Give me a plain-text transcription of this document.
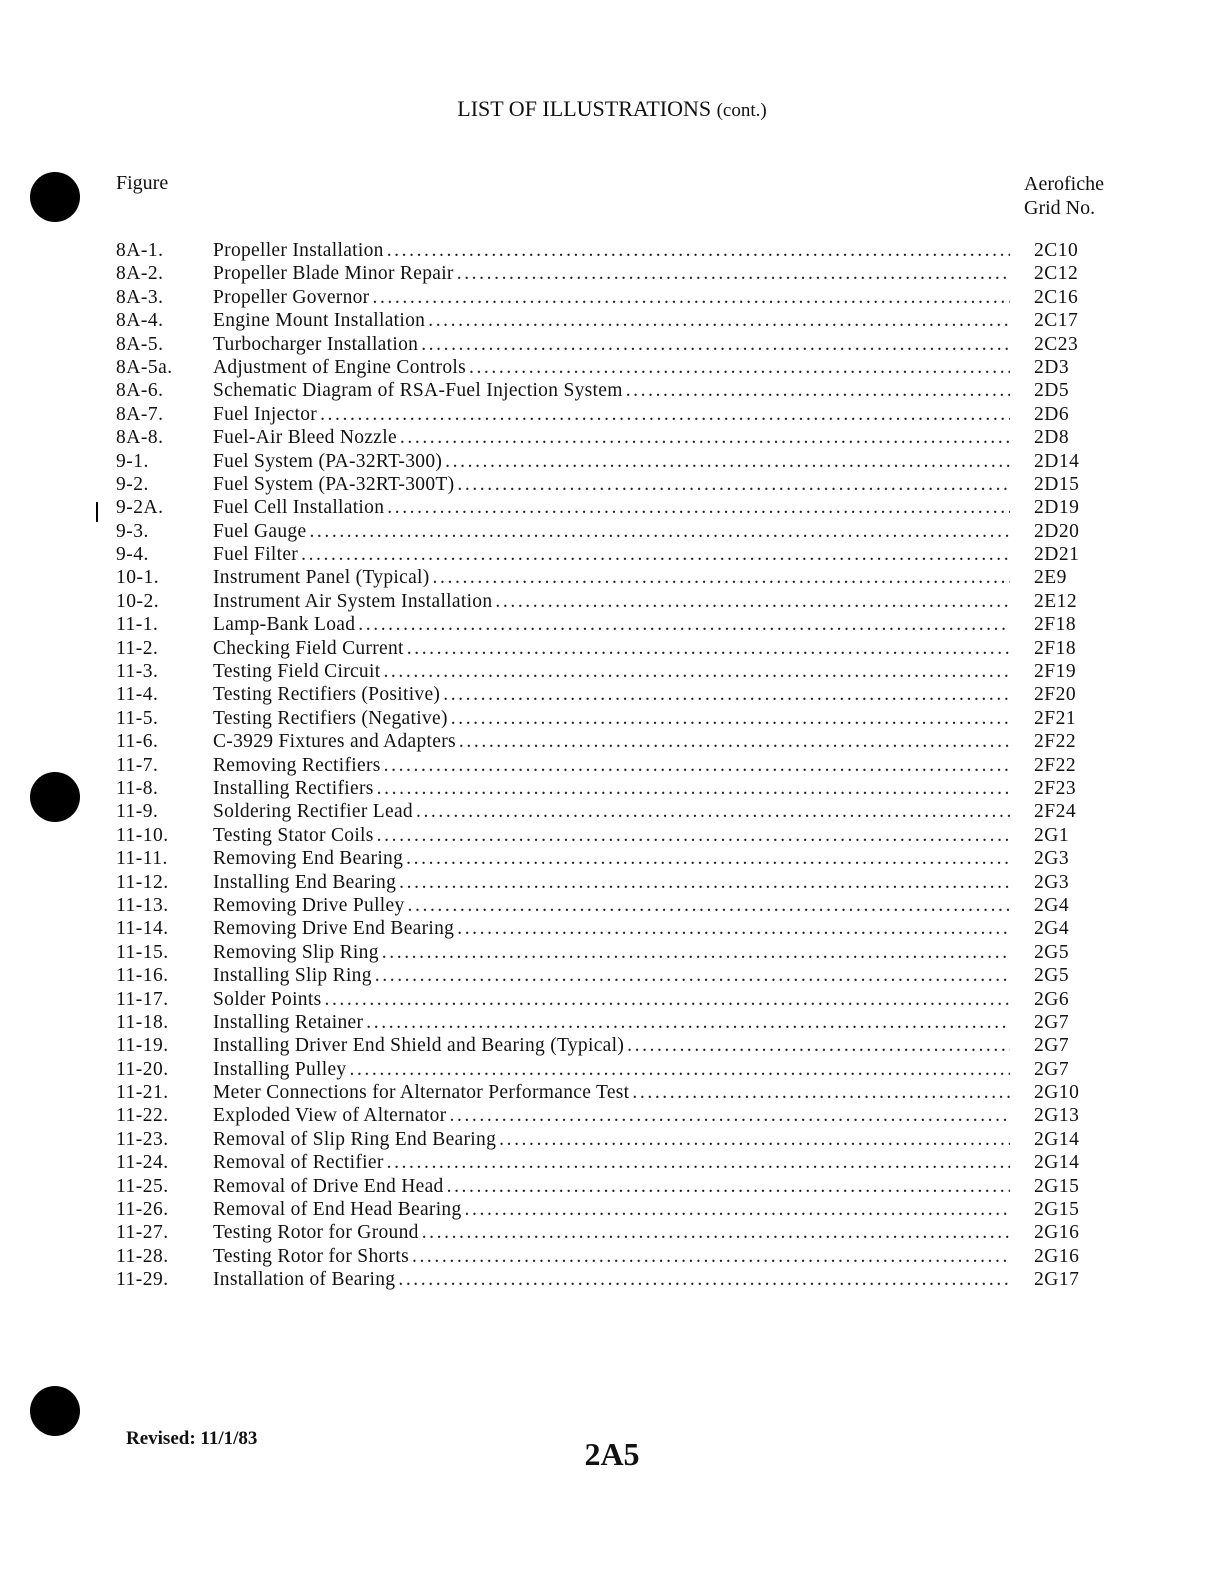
LIST OF ILLUSTRATIONS (cont.)
Figure	Aerofiche
Grid No.
8A-1.	Propeller Installation .....	2C10
8A-2.	Propeller Blade Minor Repair .....	2C12
8A-3.	Propeller Governor .....	2C16
8A-4.	Engine Mount Installation .....	2C17
8A-5.	Turbocharger Installation .....	2C23
8A-5a. Adjustment of Engine Controls .....	2D3
8A-6.	Schematic Diagram of RSA-Fuel Injection System .....	2D5
8A-7.	Fuel Injector .....	2D6
8A-8.	Fuel-Air Bleed Nozzle .....	2D8
9-1.	Fuel System (PA-32RT-300) .....	2D14
9-2.	Fuel System (PA-32RT-300T) .....	2D15
9-2A.	Fuel Cell Installation .....	2D19
9-3.	Fuel Gauge .....	2D20
9-4.	Fuel Filter .....	2D21
10-1.	Instrument Panel (Typical) .....	2E9
10-2.	Instrument Air System Installation .....	2E12
11-1.	Lamp-Bank Load .....	2F18
11-2.	Checking Field Current .....	2F18
11-3.	Testing Field Circuit .....	2F19
11-4.	Testing Rectifiers (Positive) .....	2F20
11-5.	Testing Rectifiers (Negative) .....	2F21
11-6.	C-3929 Fixtures and Adapters .....	2F22
11-7.	Removing Rectifiers .....	2F22
11-8.	Installing Rectifiers .....	2F23
11-9.	Soldering Rectifier Lead .....	2F24
11-10. Testing Stator Coils .....	2G1
11-11. Removing End Bearing .....	2G3
11-12. Installing End Bearing .....	2G3
11-13. Removing Drive Pulley .....	2G4
11-14. Removing Drive End Bearing .....	2G4
11-15. Removing Slip Ring .....	2G5
11-16. Installing Slip Ring .....	2G5
11-17. Solder Points .....	2G6
11-18. Installing Retainer .....	2G7
11-19. Installing Driver End Shield and Bearing (Typical) .....	2G7
11-20. Installing Pulley .....	2G7
11-21. Meter Connections for Alternator Performance Test .....	2G10
11-22. Exploded View of Alternator .....	2G13
11-23. Removal of Slip Ring End Bearing .....	2G14
11-24. Removal of Rectifier .....	2G14
11-25. Removal of Drive End Head .....	2G15
11-26. Removal of End Head Bearing .....	2G15
11-27. Testing Rotor for Ground .....	2G16
11-28. Testing Rotor for Shorts .....	2G16
11-29. Installation of Bearing .....	2G17
Revised: 11/1/83	2A5
